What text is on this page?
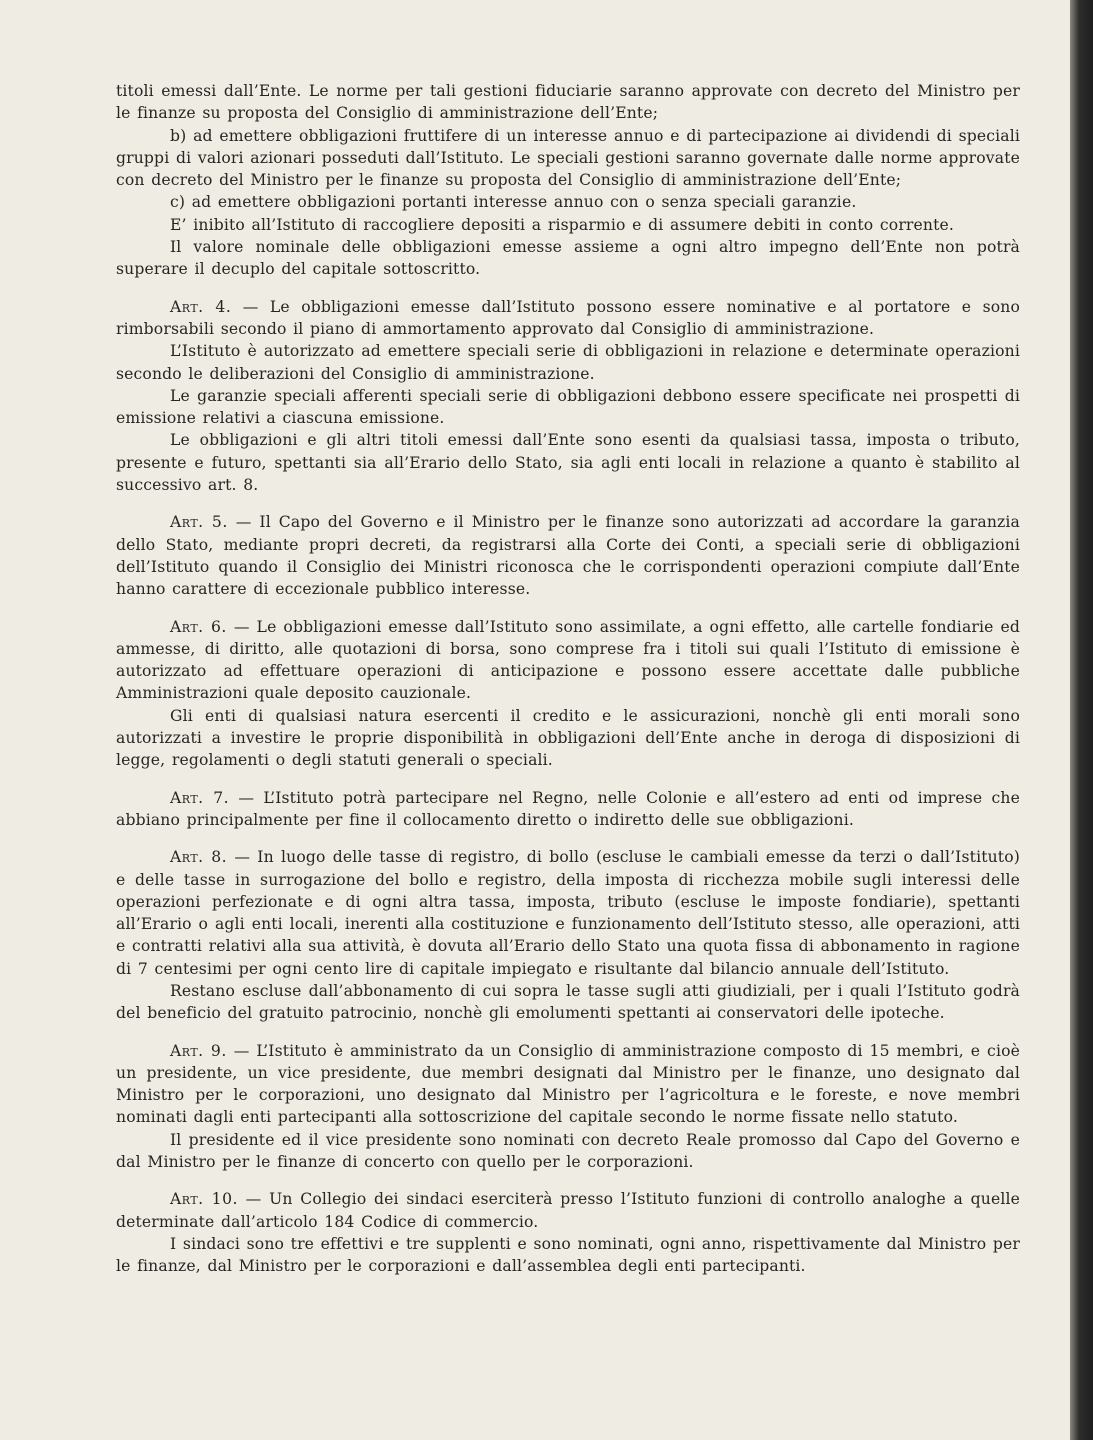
titoli emessi dall’Ente. Le norme per tali gestioni fiduciarie saranno approvate con decreto del Ministro per le finanze su proposta del Consiglio di amministrazione dell’Ente;

b) ad emettere obbligazioni fruttifere di un interesse annuo e di partecipazione ai dividendi di speciali gruppi di valori azionari posseduti dall’Istituto. Le speciali gestioni saranno governate dalle norme approvate con decreto del Ministro per le finanze su proposta del Consiglio di amministrazione dell’Ente;

c) ad emettere obbligazioni portanti interesse annuo con o senza speciali garanzie.

E’ inibito all’Istituto di raccogliere depositi a risparmio e di assumere debiti in conto corrente.

Il valore nominale delle obbligazioni emesse assieme a ogni altro impegno dell’Ente non potrà superare il decuplo del capitale sottoscritto.

Art. 4. — Le obbligazioni emesse dall’Istituto possono essere nominative e al portatore e sono rimborsabili secondo il piano di ammortamento approvato dal Consiglio di amministrazione.

L’Istituto è autorizzato ad emettere speciali serie di obbligazioni in relazione e determinate operazioni secondo le deliberazioni del Consiglio di amministrazione.

Le garanzie speciali afferenti speciali serie di obbligazioni debbono essere specificate nei prospetti di emissione relativi a ciascuna emissione.

Le obbligazioni e gli altri titoli emessi dall’Ente sono esenti da qualsiasi tassa, imposta o tributo, presente e futuro, spettanti sia all’Erario dello Stato, sia agli enti locali in relazione a quanto è stabilito al successivo art. 8.

Art. 5. — Il Capo del Governo e il Ministro per le finanze sono autorizzati ad accordare la garanzia dello Stato, mediante propri decreti, da registrarsi alla Corte dei Conti, a speciali serie di obbligazioni dell’Istituto quando il Consiglio dei Ministri riconosca che le corrispondenti operazioni compiute dall’Ente hanno carattere di eccezionale pubblico interesse.

Art. 6. — Le obbligazioni emesse dall’Istituto sono assimilate, a ogni effetto, alle cartelle fondiarie ed ammesse, di diritto, alle quotazioni di borsa, sono comprese fra i titoli sui quali l’Istituto di emissione è autorizzato ad effettuare operazioni di anticipazione e possono essere accettate dalle pubbliche Amministrazioni quale deposito cauzionale.

Gli enti di qualsiasi natura esercenti il credito e le assicurazioni, nonchè gli enti morali sono autorizzati a investire le proprie disponibilità in obbligazioni dell’Ente anche in deroga di disposizioni di legge, regolamenti o degli statuti generali o speciali.

Art. 7. — L’Istituto potrà partecipare nel Regno, nelle Colonie e all’estero ad enti od imprese che abbiano principalmente per fine il collocamento diretto o indiretto delle sue obbligazioni.

Art. 8. — In luogo delle tasse di registro, di bollo (escluse le cambiali emesse da terzi o dall’Istituto) e delle tasse in surrogazione del bollo e registro, della imposta di ricchezza mobile sugli interessi delle operazioni perfezionate e di ogni altra tassa, imposta, tributo (escluse le imposte fondiarie), spettanti all’Erario o agli enti locali, inerenti alla costituzione e funzionamento dell’Istituto stesso, alle operazioni, atti e contratti relativi alla sua attività, è dovuta all’Erario dello Stato una quota fissa di abbonamento in ragione di 7 centesimi per ogni cento lire di capitale impiegato e risultante dal bilancio annuale dell’Istituto.

Restano escluse dall’abbonamento di cui sopra le tasse sugli atti giudiziali, per i quali l’Istituto godrà del beneficio del gratuito patrocinio, nonchè gli emolumenti spettanti ai conservatori delle ipoteche.

Art. 9. — L’Istituto è amministrato da un Consiglio di amministrazione composto di 15 membri, e cioè un presidente, un vice presidente, due membri designati dal Ministro per le finanze, uno designato dal Ministro per le corporazioni, uno designato dal Ministro per l’agricoltura e le foreste, e nove membri nominati dagli enti partecipanti alla sottoscrizione del capitale secondo le norme fissate nello statuto.

Il presidente ed il vice presidente sono nominati con decreto Reale promosso dal Capo del Governo e dal Ministro per le finanze di concerto con quello per le corporazioni.

Art. 10. — Un Collegio dei sindaci eserciterà presso l’Istituto funzioni di controllo analoghe a quelle determinate dall’articolo 184 Codice di commercio.

I sindaci sono tre effettivi e tre supplenti e sono nominati, ogni anno, rispettivamente dal Ministro per le finanze, dal Ministro per le corporazioni e dall’assemblea degli enti partecipanti.
